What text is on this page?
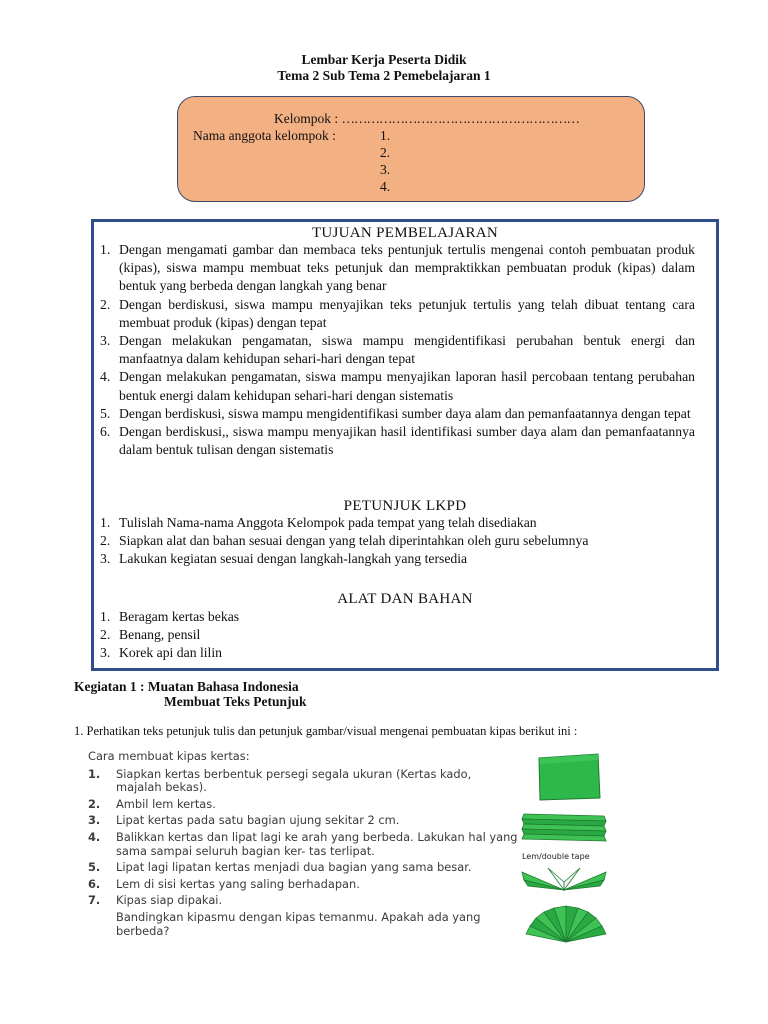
Lembar Kerja Peserta Didik
Tema 2 Sub Tema 2 Pemebelajaran 1
Kelompok : …………………………………………………
Nama anggota kelompok :	1.
2.
3.
4.
TUJUAN PEMBELAJARAN
1. Dengan mengamati gambar dan membaca teks pentunjuk tertulis mengenai contoh pembuatan produk (kipas), siswa mampu membuat teks petunjuk dan mempraktikkan pembuatan produk (kipas) dalam bentuk yang berbeda dengan langkah yang benar
2. Dengan berdiskusi, siswa mampu menyajikan teks petunjuk tertulis yang telah dibuat tentang cara membuat produk (kipas) dengan tepat
3. Dengan melakukan pengamatan, siswa mampu mengidentifikasi perubahan bentuk energi dan manfaatnya dalam kehidupan sehari-hari dengan tepat
4. Dengan melakukan pengamatan, siswa mampu menyajikan laporan hasil percobaan tentang perubahan bentuk energi dalam kehidupan sehari-hari dengan sistematis
5. Dengan berdiskusi, siswa mampu mengidentifikasi sumber daya alam dan pemanfaatannya dengan tepat
6. Dengan berdiskusi,, siswa mampu menyajikan hasil identifikasi sumber daya alam dan pemanfaatannya dalam bentuk tulisan dengan sistematis
PETUNJUK LKPD
1. Tulislah Nama-nama Anggota Kelompok pada tempat yang telah disediakan
2. Siapkan alat dan bahan sesuai dengan yang telah diperintahkan oleh guru sebelumnya
3. Lakukan kegiatan sesuai dengan langkah-langkah yang tersedia
ALAT DAN BAHAN
1. Beragam kertas bekas
2. Benang, pensil
3. Korek api dan lilin
Kegiatan 1 : Muatan Bahasa Indonesia
Membuat Teks Petunjuk
1. Perhatikan teks petunjuk tulis dan petunjuk gambar/visual mengenai pembuatan kipas berikut ini :
Cara membuat kipas kertas:
1. Siapkan kertas berbentuk persegi segala ukuran (Kertas kado, majalah bekas).
2. Ambil lem kertas.
3. Lipat kertas pada satu bagian ujung sekitar 2 cm.
4. Balikkan kertas dan lipat lagi ke arah yang berbeda. Lakukan hal yang sama sampai seluruh bagian ker- tas terlipat.
5. Lipat lagi lipatan kertas menjadi dua bagian yang sama besar.
6. Lem di sisi kertas yang saling berhadapan.
7. Kipas siap dipakai.
Bandingkan kipasmu dengan kipas temanmu. Apakah ada yang berbeda?
Lem/double tape
